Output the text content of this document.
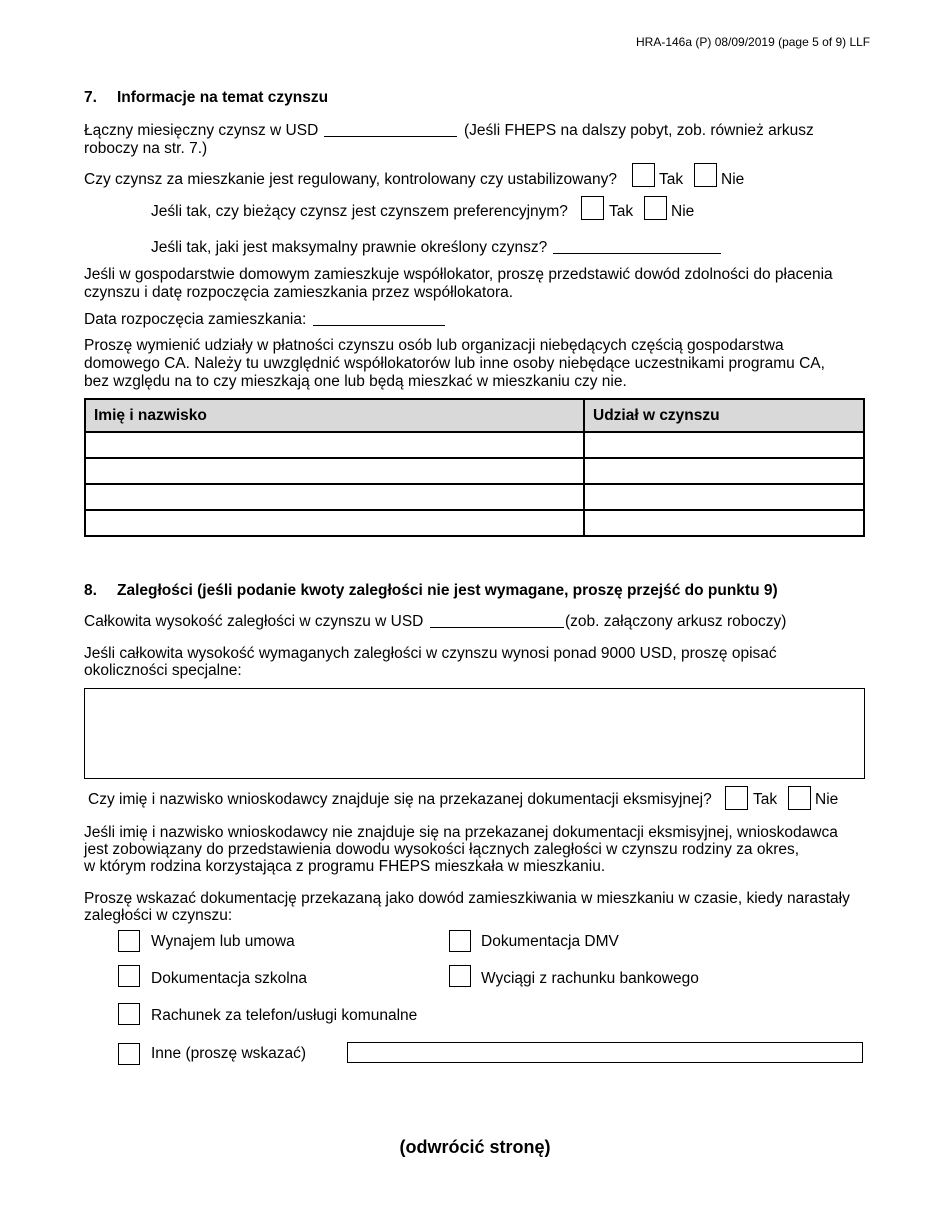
HRA-146a (P) 08/09/2019 (page 5 of 9) LLF
7. Informacje na temat czynszu
Łączny miesięczny czynsz w USD	(Jeśli FHEPS na dalszy pobyt, zob. również arkusz
roboczy na str. 7.)
Czy czynsz za mieszkanie jest regulowany, kontrolowany czy ustabilizowany?	Tak Nie
Jeśli tak, czy bieżący czynsz jest czynszem preferencyjnym?	Tak Nie
Jeśli tak, jaki jest maksymalny prawnie określony czynsz?
Jeśli w gospodarstwie domowym zamieszkuje współlokator, proszę przedstawić dowód zdolności do płacenia
czynszu i datę rozpoczęcia zamieszkania przez współlokatora.
Data rozpoczęcia zamieszkania:
Proszę wymienić udziały w płatności czynszu osób lub organizacji niebędących częścią gospodarstwa
domowego CA. Należy tu uwzględnić współlokatorów lub inne osoby niebędące uczestnikami programu CA,
bez względu na to czy mieszkają one lub będą mieszkać w mieszkaniu czy nie.
Imię i nazwisko	Udział w czynszu

8. Zaległości (jeśli podanie kwoty zaległości nie jest wymagane, proszę przejść do punktu 9)
Całkowita wysokość zaległości w czynszu w USD	(zob. załączony arkusz roboczy)
Jeśli całkowita wysokość wymaganych zaległości w czynszu wynosi ponad 9000 USD, proszę opisać
okoliczności specjalne:
Czy imię i nazwisko wnioskodawcy znajduje się na przekazanej dokumentacji eksmisyjnej?	Tak Nie
Jeśli imię i nazwisko wnioskodawcy nie znajduje się na przekazanej dokumentacji eksmisyjnej, wnioskodawca
jest zobowiązany do przedstawienia dowodu wysokości łącznych zaległości w czynszu rodziny za okres,
w którym rodzina korzystająca z programu FHEPS mieszkała w mieszkaniu.
Proszę wskazać dokumentację przekazaną jako dowód zamieszkiwania w mieszkaniu w czasie, kiedy narastały
zaległości w czynszu:
Wynajem lub umowa	Dokumentacja DMV
Dokumentacja szkolna	Wyciągi z rachunku bankowego
Rachunek za telefon/usługi komunalne
Inne (proszę wskazać)
(odwrócić stronę)
